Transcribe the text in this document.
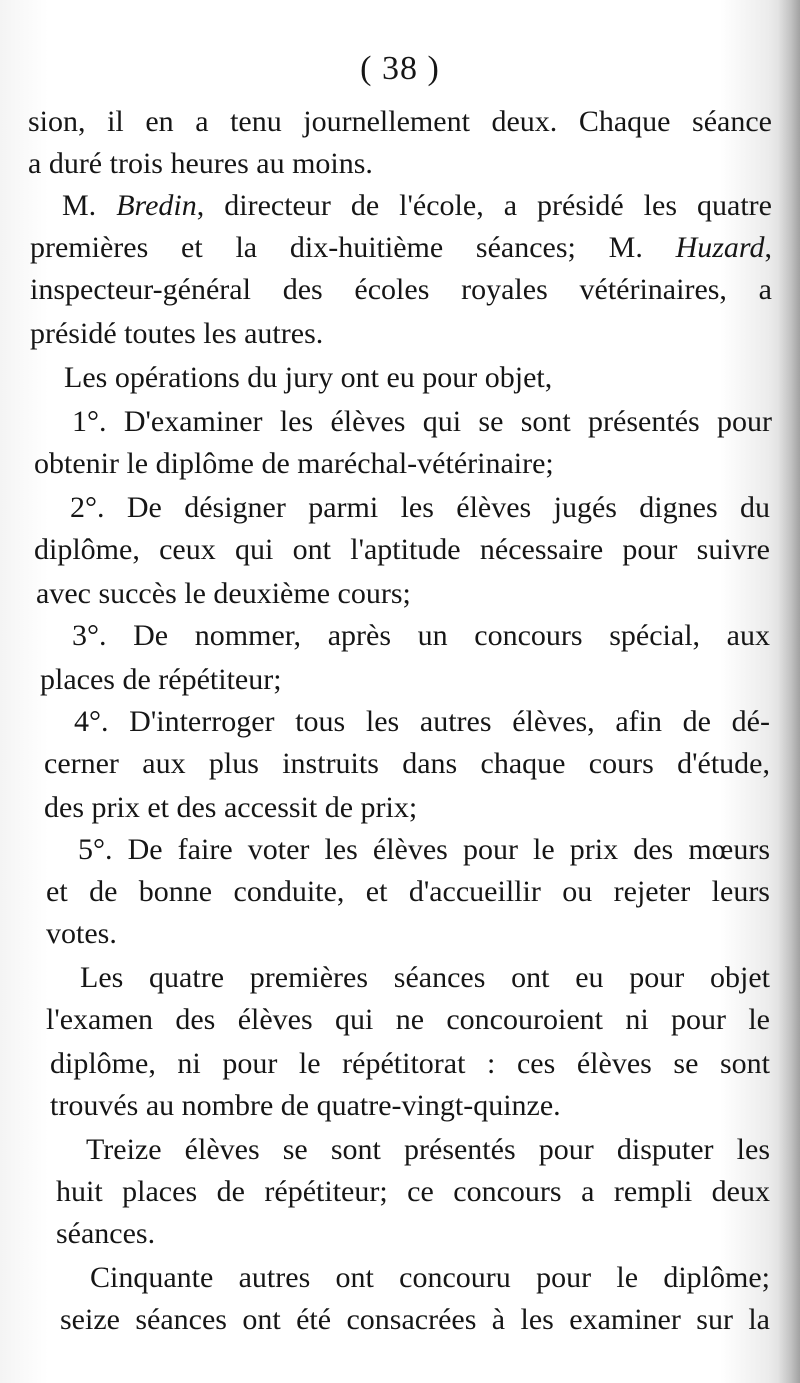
( 38 )
sion, il en a tenu journellement deux. Chaque séance
a duré trois heures au moins.
M. Bredin, directeur de l'école, a présidé les quatre
premières et la dix-huitième séances; M. Huzard,
inspecteur-général des écoles royales vétérinaires, a
présidé toutes les autres.
Les opérations du jury ont eu pour objet,
1°. D'examiner les élèves qui se sont présentés pour
obtenir le diplôme de maréchal-vétérinaire;
2°. De désigner parmi les élèves jugés dignes du
diplôme, ceux qui ont l'aptitude nécessaire pour suivre
avec succès le deuxième cours;
3°. De nommer, après un concours spécial, aux
places de répétiteur;
4°. D'interroger tous les autres élèves, afin de dé-
cerner aux plus instruits dans chaque cours d'étude,
des prix et des accessit de prix;
5°. De faire voter les élèves pour le prix des mœurs
et de bonne conduite, et d'accueillir ou rejeter leurs
votes.
Les quatre premières séances ont eu pour objet
l'examen des élèves qui ne concouroient ni pour le
diplôme, ni pour le répétitorat : ces élèves se sont
trouvés au nombre de quatre-vingt-quinze.
Treize élèves se sont présentés pour disputer les
huit places de répétiteur; ce concours a rempli deux
séances.
Cinquante autres ont concouru pour le diplôme;
seize séances ont été consacrées à les examiner sur la
